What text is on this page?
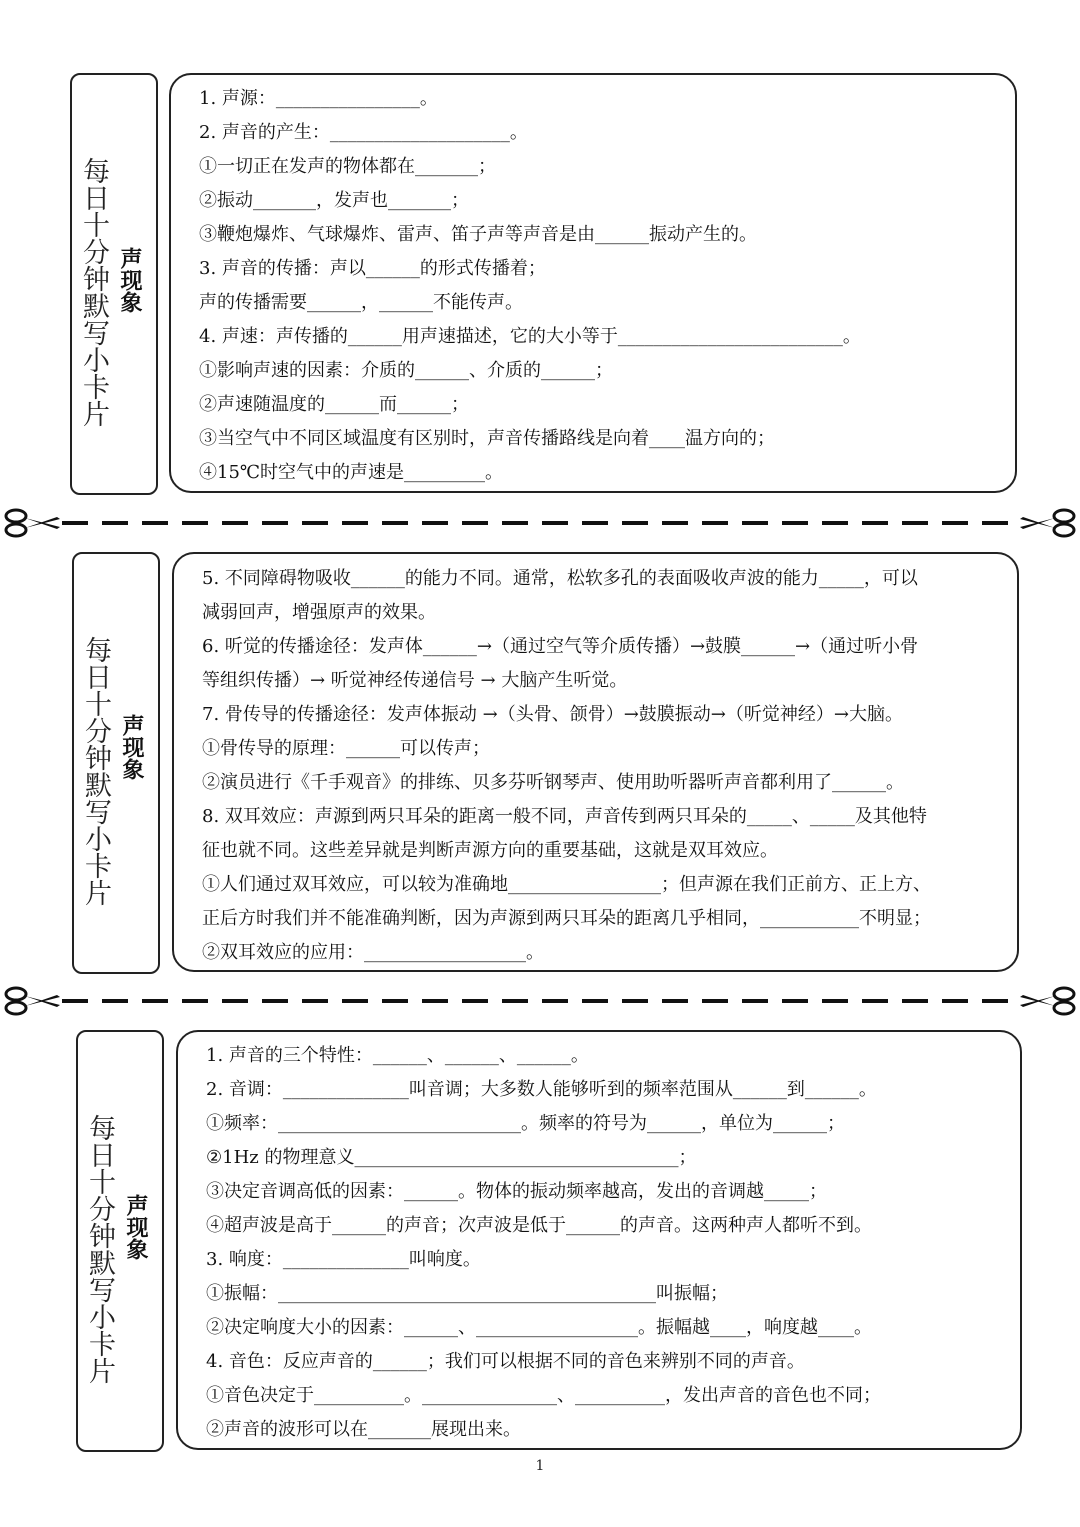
每日十分钟默写小卡片 声现象
1. 声源：________________。
2. 声音的产生：____________________。
①一切正在发声的物体都在_______；
②振动_______，发声也_______；
③鞭炮爆炸、气球爆炸、雷声、笛子声等声音是由______振动产生的。
3. 声音的传播：声以______的形式传播着；
声的传播需要______，______不能传声。
4. 声速：声传播的______用声速描述，它的大小等于_________________________。
①影响声速的因素：介质的______、介质的______；
②声速随温度的______而______；
③当空气中不同区域温度有区别时，声音传播路线是向着____温方向的；
④15℃时空气中的声速是_________。
每日十分钟默写小卡片 声现象
5. 不同障碍物吸收______的能力不同。通常，松软多孔的表面吸收声波的能力_____，可以
减弱回声，增强原声的效果。
6. 听觉的传播途径：发声体______→（通过空气等介质传播）→鼓膜______→（通过听小骨
等组织传播）→ 听觉神经传递信号 → 大脑产生听觉。
7. 骨传导的传播途径：发声体振动 →（头骨、颌骨）→鼓膜振动→（听觉神经）→大脑。
①骨传导的原理：______可以传声；
②演员进行《千手观音》的排练、贝多芬听钢琴声、使用助听器听声音都利用了______。
8. 双耳效应：声源到两只耳朵的距离一般不同，声音传到两只耳朵的_____、_____及其他特
征也就不同。这些差异就是判断声源方向的重要基础，这就是双耳效应。
①人们通过双耳效应，可以较为准确地_________________；但声源在我们正前方、正上方、
正后方时我们并不能准确判断，因为声源到两只耳朵的距离几乎相同，___________不明显；
②双耳效应的应用：__________________。
每日十分钟默写小卡片 声现象
1. 声音的三个特性：______、______、______。
2. 音调：______________叫音调；大多数人能够听到的频率范围从______到______。
①频率：___________________________。频率的符号为______，单位为______；
②1Hz 的物理意义____________________________________；
③决定音调高低的因素：______。物体的振动频率越高，发出的音调越_____；
④超声波是高于______的声音；次声波是低于______的声音。这两种声人都听不到。
3. 响度：______________叫响度。
①振幅：__________________________________________叫振幅；
②决定响度大小的因素：______、__________________。振幅越____，响度越____。
4. 音色：反应声音的______；我们可以根据不同的音色来辨别不同的声音。
①音色决定于__________。_______________、__________，发出声音的音色也不同；
②声音的波形可以在_______展现出来。
1
